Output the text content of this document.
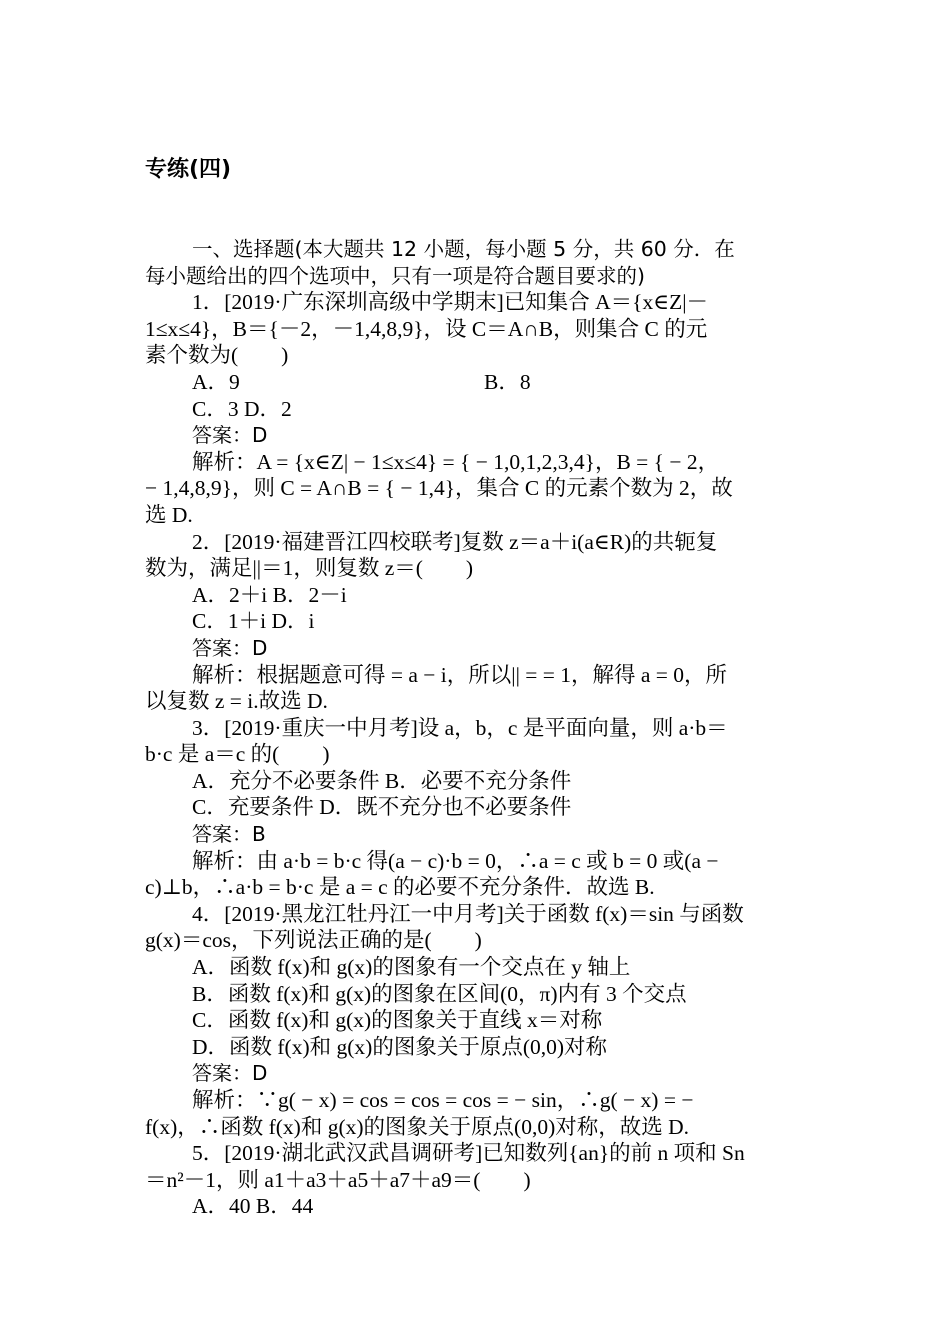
专练(四)
一、选择题(本大题共 12 小题，每小题 5 分，共 60 分．在
每小题给出的四个选项中，只有一项是符合题目要求的)
1．[2019·广东深圳高级中学期末]已知集合 A＝{x∈Z|－
1≤x≤4}，B＝{－2，－1,4,8,9}，设 C＝A∩B，则集合 C 的元
素个数为(　　)
A．9	B．8
C．3 D．2
答案：D
解析：A = {x∈Z| − 1≤x≤4} = { − 1,0,1,2,3,4}，B = { − 2，
− 1,4,8,9}，则 C = A∩B = { − 1,4}，集合 C 的元素个数为 2，故
选 D.
2．[2019·福建晋江四校联考]复数 z＝a＋i(a∈R)的共轭复
数为，满足||＝1，则复数 z＝(　　)
A．2＋i B．2－i
C．1＋i D．i
答案：D
解析：根据题意可得 = a − i，所以|| = = 1，解得 a = 0，所
以复数 z = i.故选 D.
3．[2019·重庆一中月考]设 a，b，c 是平面向量，则 a·b＝
b·c 是 a＝c 的(　　)
A．充分不必要条件 B．必要不充分条件
C．充要条件 D．既不充分也不必要条件
答案：B
解析：由 a·b = b·c 得(a − c)·b = 0，∴a = c 或 b = 0 或(a −
c)⊥b，∴a·b = b·c 是 a = c 的必要不充分条件．故选 B.
4．[2019·黑龙江牡丹江一中月考]关于函数 f(x)＝sin 与函数
g(x)＝cos，下列说法正确的是(　　)
A．函数 f(x)和 g(x)的图象有一个交点在 y 轴上
B．函数 f(x)和 g(x)的图象在区间(0，π)内有 3 个交点
C．函数 f(x)和 g(x)的图象关于直线 x＝对称
D．函数 f(x)和 g(x)的图象关于原点(0,0)对称
答案：D
解析：∵g( − x) = cos = cos = cos = − sin，∴g( − x) = −
f(x)，∴函数 f(x)和 g(x)的图象关于原点(0,0)对称，故选 D.
5．[2019·湖北武汉武昌调研考]已知数列{an}的前 n 项和 Sn
＝n²－1，则 a1＋a3＋a5＋a7＋a9＝(　　)
A．40 B．44
